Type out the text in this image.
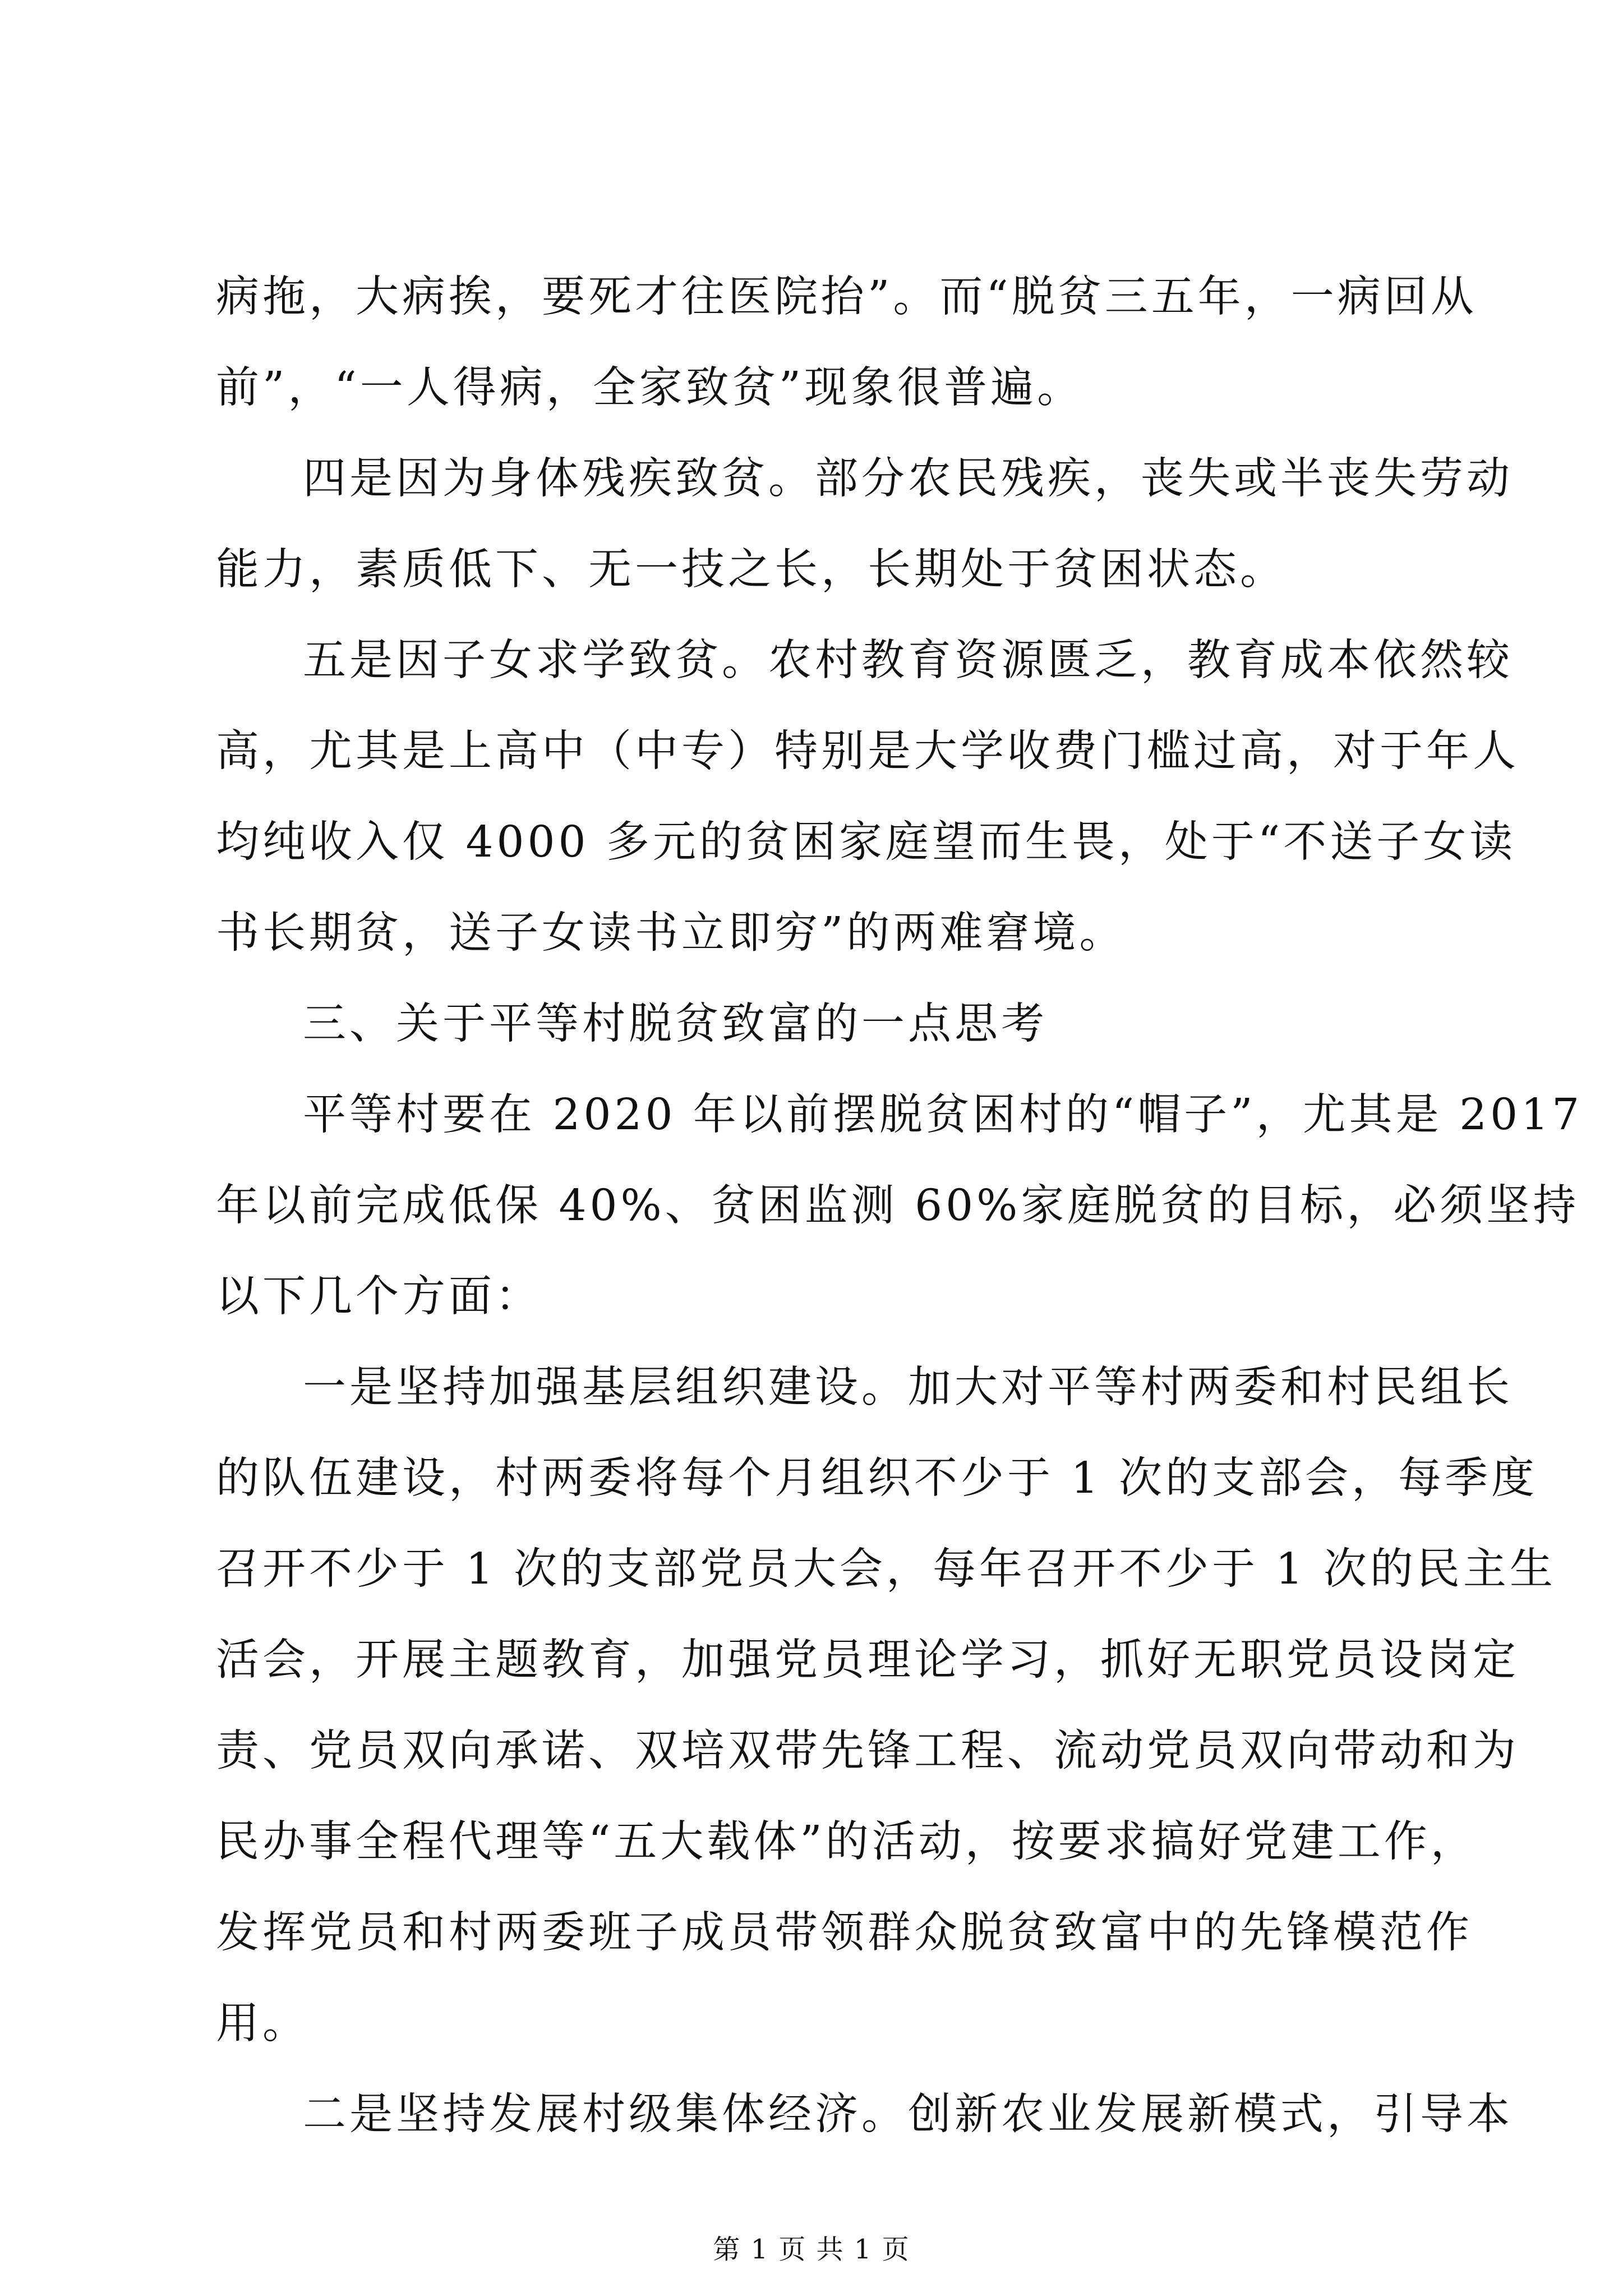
病拖，大病挨，要死才往医院抬”。而“脱贫三五年，一病回从
前”，“一人得病，全家致贫”现象很普遍。
四是因为身体残疾致贫。部分农民残疾，丧失或半丧失劳动
能力，素质低下、无一技之长，长期处于贫困状态。
五是因子女求学致贫。农村教育资源匮乏，教育成本依然较
高，尤其是上高中（中专）特别是大学收费门槛过高，对于年人
均纯收入仅 4000 多元的贫困家庭望而生畏，处于“不送子女读
书长期贫，送子女读书立即穷”的两难窘境。
三、关于平等村脱贫致富的一点思考
平等村要在 2020 年以前摆脱贫困村的“帽子”，尤其是 2017
年以前完成低保 40%、贫困监测 60%家庭脱贫的目标，必须坚持
以下几个方面：
一是坚持加强基层组织建设。加大对平等村两委和村民组长
的队伍建设，村两委将每个月组织不少于 1 次的支部会，每季度
召开不少于 1 次的支部党员大会，每年召开不少于 1 次的民主生
活会，开展主题教育，加强党员理论学习，抓好无职党员设岗定
责、党员双向承诺、双培双带先锋工程、流动党员双向带动和为
民办事全程代理等“五大载体”的活动，按要求搞好党建工作，
发挥党员和村两委班子成员带领群众脱贫致富中的先锋模范作
用。
二是坚持发展村级集体经济。创新农业发展新模式，引导本
第 1 页 共 1 页
